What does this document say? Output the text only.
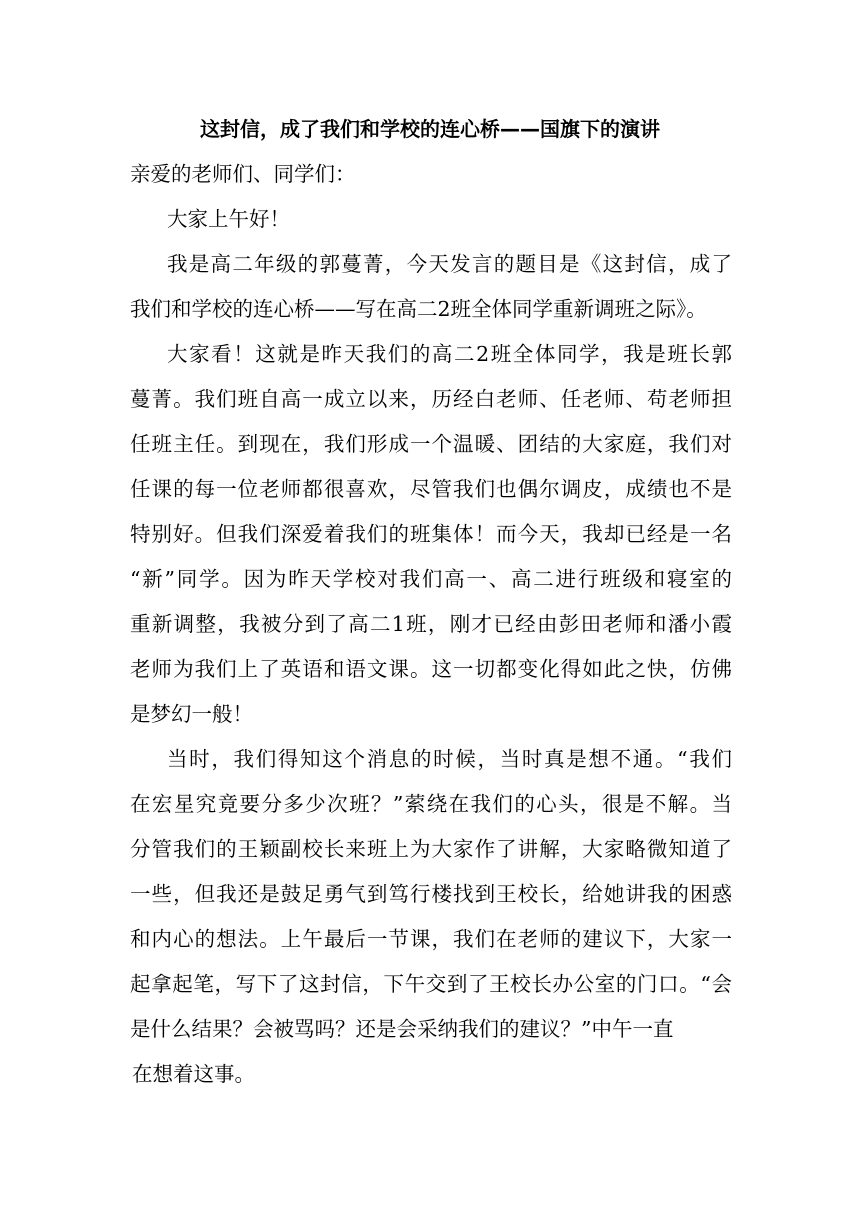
这封信，成了我们和学校的连心桥——国旗下的演讲
亲爱的老师们、同学们：
大家上午好！
我是高二年级的郭蔓菁，今天发言的题目是《这封信，成了
我们和学校的连心桥——写在高二2班全体同学重新调班之际》。
大家看！这就是昨天我们的高二2班全体同学，我是班长郭
蔓菁。我们班自高一成立以来，历经白老师、任老师、苟老师担
任班主任。到现在，我们形成一个温暖、团结的大家庭，我们对
任课的每一位老师都很喜欢，尽管我们也偶尔调皮，成绩也不是
特别好。但我们深爱着我们的班集体！而今天，我却已经是一名
“新”同学。因为昨天学校对我们高一、高二进行班级和寝室的
重新调整，我被分到了高二1班，刚才已经由彭田老师和潘小霞
老师为我们上了英语和语文课。这一切都变化得如此之快，仿佛
是梦幻一般！
当时，我们得知这个消息的时候，当时真是想不通。“我们
在宏星究竟要分多少次班？”萦绕在我们的心头，很是不解。当
分管我们的王颖副校长来班上为大家作了讲解，大家略微知道了
一些，但我还是鼓足勇气到笃行楼找到王校长，给她讲我的困惑
和内心的想法。上午最后一节课，我们在老师的建议下，大家一
起拿起笔，写下了这封信，下午交到了王校长办公室的门口。“会
是什么结果？会被骂吗？还是会采纳我们的建议？”中午一直
在想着这事。
